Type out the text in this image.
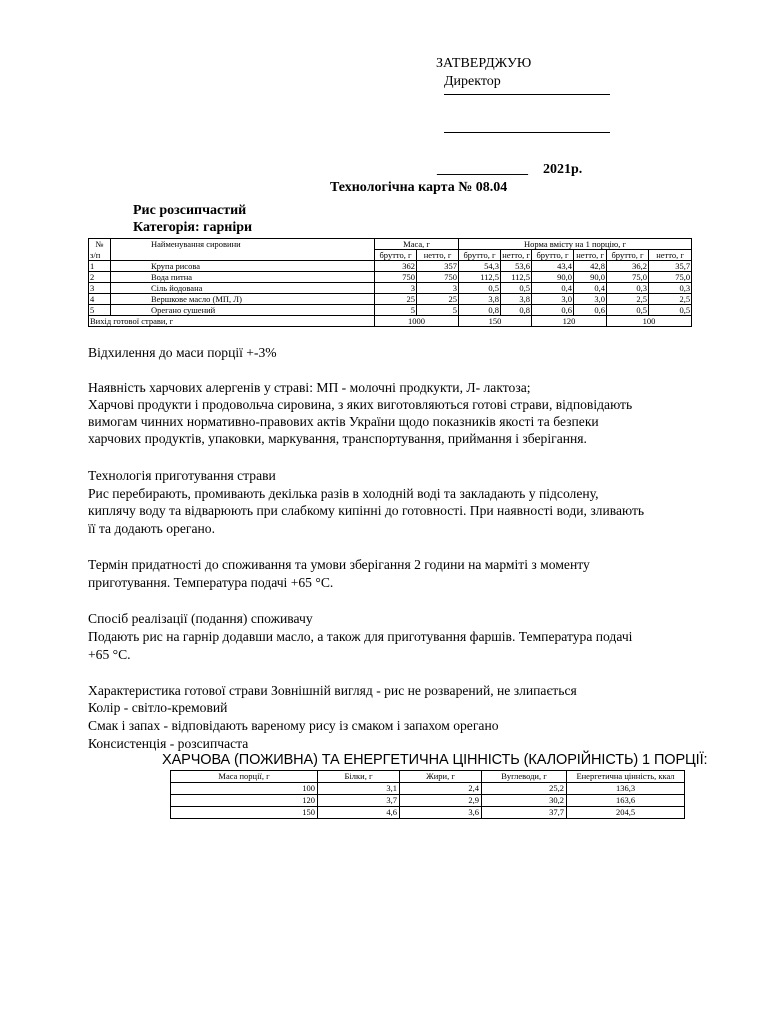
ЗАТВЕРДЖУЮ
Директор
_____________ 2021р.
Технологічна карта № 08.04
Рис розсипчастий
Категорія: гарніри
№	Найменування сировини	Маса, г		Норма вмісту на 1 порцію, г					
з/п		брутто, г	нетто, г	брутто, г	нетто, г	брутто, г	нетто, г	брутто, г	нетто, г
1	Крупа рисова	362	357	54,3	53,6	43,4	42,8	36,2	35,7
2	Вода питна	750	750	112,5	112,5	90,0	90,0	75,0	75,0
3	Сіль йодована	3	3	0,5	0,5	0,4	0,4	0,3	0,3
4	Вершкове масло (МП, Л)	25	25	3,8	3,8	3,0	3,0	2,5	2,5
5	Орегано сушений	5	5	0,8	0,8	0,6	0,6	0,5	0,5
Вихід готової страви, г		1000		150		120		100	
Відхилення до маси порції +-3%
Наявність харчових алергенів у страві: МП - молочні продкукти, Л- лактоза;
Харчові продукти і продовольча сировина, з яких виготовляються готові страви, відповідають
вимогам чинних нормативно-правових актів України щодо показників якості та безпеки
харчових продуктів, упаковки, маркування, транспортування, приймання і зберігання.
Технологія приготування страви
Рис перебирають, промивають декілька разів в холодній воді та закладають у підсолену,
киплячу воду та відварюють при слабкому кипінні до готовності. При наявності води, зливають
її та додають орегано.
Термін придатності до споживання та умови зберігання 2 години на марміті з моменту
приготування. Температура подачі +65 °С.
Спосіб реалізації (подання) споживачу
Подають рис на гарнір додавши масло, а також для приготування фаршів. Температура подачі
+65 °С.
Характеристика готової страви Зовнішній вигляд - рис не розварений, не злипається
Колір - світло-кремовий
Смак і запах - відповідають вареному рису із смаком і запахом орегано
Консистенція - розсипчаста
ХАРЧОВА (ПОЖИВНА) ТА ЕНЕРГЕТИЧНА ЦІННІСТЬ (КАЛОРІЙНІСТЬ) 1 ПОРЦІЇ:
Маса порції, г	Білки, г	Жири, г	Вуглеводи, г	Енергетична цінність, ккал
100	3,1	2,4	25,2	136,3
120	3,7	2,9	30,2	163,6
150	4,6	3,6	37,7	204,5
